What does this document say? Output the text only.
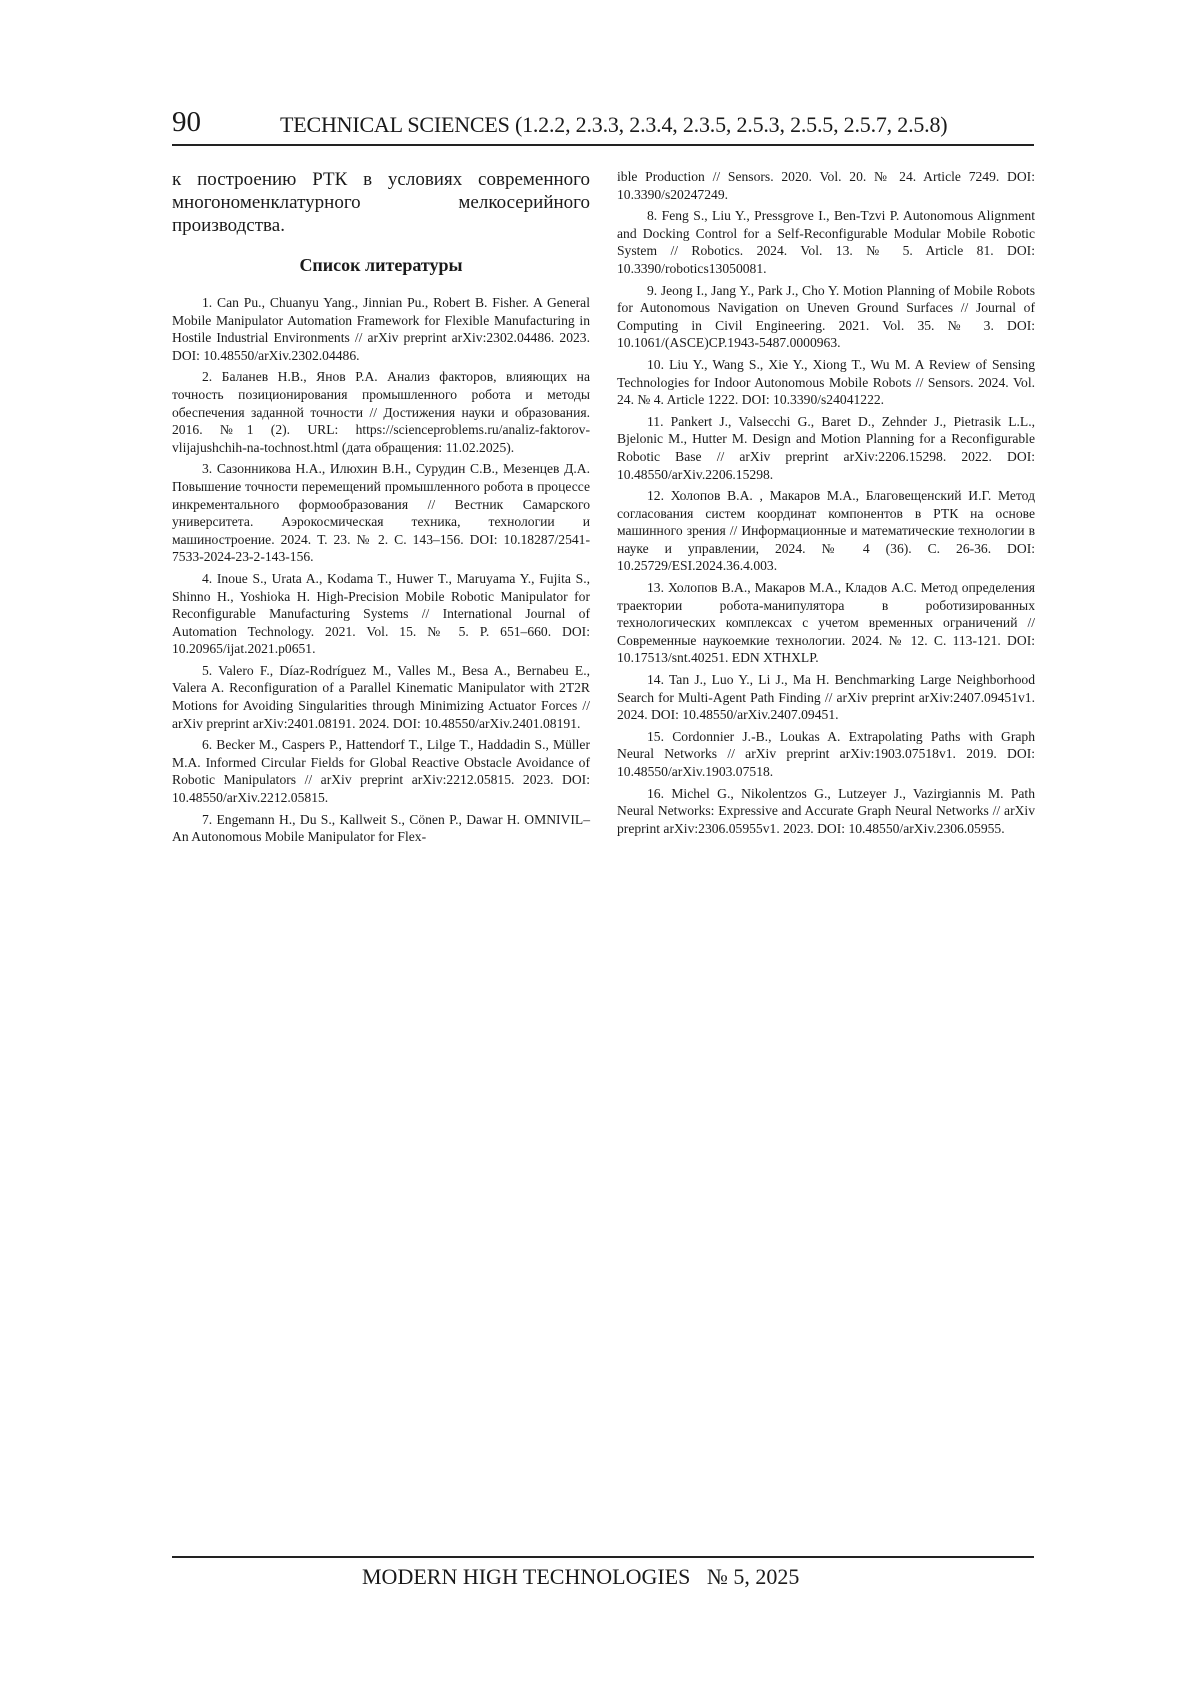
90	TECHNICAL SCIENCES (1.2.2, 2.3.3, 2.3.4, 2.3.5, 2.5.3, 2.5.5, 2.5.7, 2.5.8)

к построению РТК в условиях современного многономенклатурного мелкосерийного производства.

Список литературы

1. Can Pu., Chuanyu Yang., Jinnian Pu., Robert B. Fisher. A General Mobile Manipulator Automation Framework for Flexible Manufacturing in Hostile Industrial Environments // arXiv preprint arXiv:2302.04486. 2023. DOI: 10.48550/arXiv.2302.04486.

2. Баланев Н.В., Янов Р.А. Анализ факторов, влияющих на точность позиционирования промышленного робота и методы обеспечения заданной точности // Достижения науки и образования. 2016. №1 (2). URL: https://scienceproblems.ru/analiz-faktorov-vlijajushchih-na-tochnost.html (дата обращения: 11.02.2025).

3. Сазонникова Н.А., Илюхин В.Н., Сурудин С.В., Мезенцев Д.А. Повышение точности перемещений промышленного робота в процессе инкрементального формообразования // Вестник Самарского университета. Аэрокосмическая техника, технологии и машиностроение. 2024. Т. 23. № 2. С. 143–156. DOI: 10.18287/2541-7533-2024-23-2-143-156.

4. Inoue S., Urata A., Kodama T., Huwer T., Maruyama Y., Fujita S., Shinno H., Yoshioka H. High-Precision Mobile Robotic Manipulator for Reconfigurable Manufacturing Systems // International Journal of Automation Technology. 2021. Vol. 15. № 5. P. 651–660. DOI: 10.20965/ijat.2021.p0651.

5. Valero F., Díaz-Rodríguez M., Valles M., Besa A., Bernabeu E., Valera A. Reconfiguration of a Parallel Kinematic Manipulator with 2T2R Motions for Avoiding Singularities through Minimizing Actuator Forces // arXiv preprint arXiv:2401.08191. 2024. DOI: 10.48550/arXiv.2401.08191.

6. Becker M., Caspers P., Hattendorf T., Lilge T., Haddadin S., Müller M.A. Informed Circular Fields for Global Reactive Obstacle Avoidance of Robotic Manipulators // arXiv preprint arXiv:2212.05815. 2023. DOI: 10.48550/arXiv.2212.05815.

7. Engemann H., Du S., Kallweit S., Cönen P., Dawar H. OMNIVIL–An Autonomous Mobile Manipulator for Flex-

ible Production // Sensors. 2020. Vol. 20. № 24. Article 7249. DOI: 10.3390/s20247249.

8. Feng S., Liu Y., Pressgrove I., Ben-Tzvi P. Autonomous Alignment and Docking Control for a Self-Reconfigurable Modular Mobile Robotic System // Robotics. 2024. Vol. 13. № 5. Article 81. DOI: 10.3390/robotics13050081.

9. Jeong I., Jang Y., Park J., Cho Y. Motion Planning of Mobile Robots for Autonomous Navigation on Uneven Ground Surfaces // Journal of Computing in Civil Engineering. 2021. Vol. 35. № 3. DOI: 10.1061/(ASCE)CP.1943-5487.0000963.

10. Liu Y., Wang S., Xie Y., Xiong T., Wu M. A Review of Sensing Technologies for Indoor Autonomous Mobile Robots // Sensors. 2024. Vol. 24. № 4. Article 1222. DOI: 10.3390/s24041222.

11. Pankert J., Valsecchi G., Baret D., Zehnder J., Pietrasik L.L., Bjelonic M., Hutter M. Design and Motion Planning for a Reconfigurable Robotic Base // arXiv preprint arXiv:2206.15298. 2022. DOI: 10.48550/arXiv.2206.15298.

12. Холопов В.А. , Макаров М.А., Благовещенский И.Г. Метод согласования систем координат компонентов в РТК на основе машинного зрения // Информационные и математические технологии в науке и управлении, 2024. № 4 (36). С. 26-36. DOI: 10.25729/ESI.2024.36.4.003.

13. Холопов В.А., Макаров М.А., Кладов А.С. Метод определения траектории робота-манипулятора в роботизированных технологических комплексах с учетом временных ограничений // Современные наукоемкие технологии. 2024. № 12. С. 113-121. DOI: 10.17513/snt.40251. EDN XTHXLP.

14. Tan J., Luo Y., Li J., Ma H. Benchmarking Large Neighborhood Search for Multi-Agent Path Finding // arXiv preprint arXiv:2407.09451v1. 2024. DOI: 10.48550/arXiv.2407.09451.

15. Cordonnier J.-B., Loukas A. Extrapolating Paths with Graph Neural Networks // arXiv preprint arXiv:1903.07518v1. 2019. DOI: 10.48550/arXiv.1903.07518.

16. Michel G., Nikolentzos G., Lutzeyer J., Vazirgiannis M. Path Neural Networks: Expressive and Accurate Graph Neural Networks // arXiv preprint arXiv:2306.05955v1. 2023. DOI: 10.48550/arXiv.2306.05955.

MODERN HIGH TECHNOLOGIES № 5, 2025
